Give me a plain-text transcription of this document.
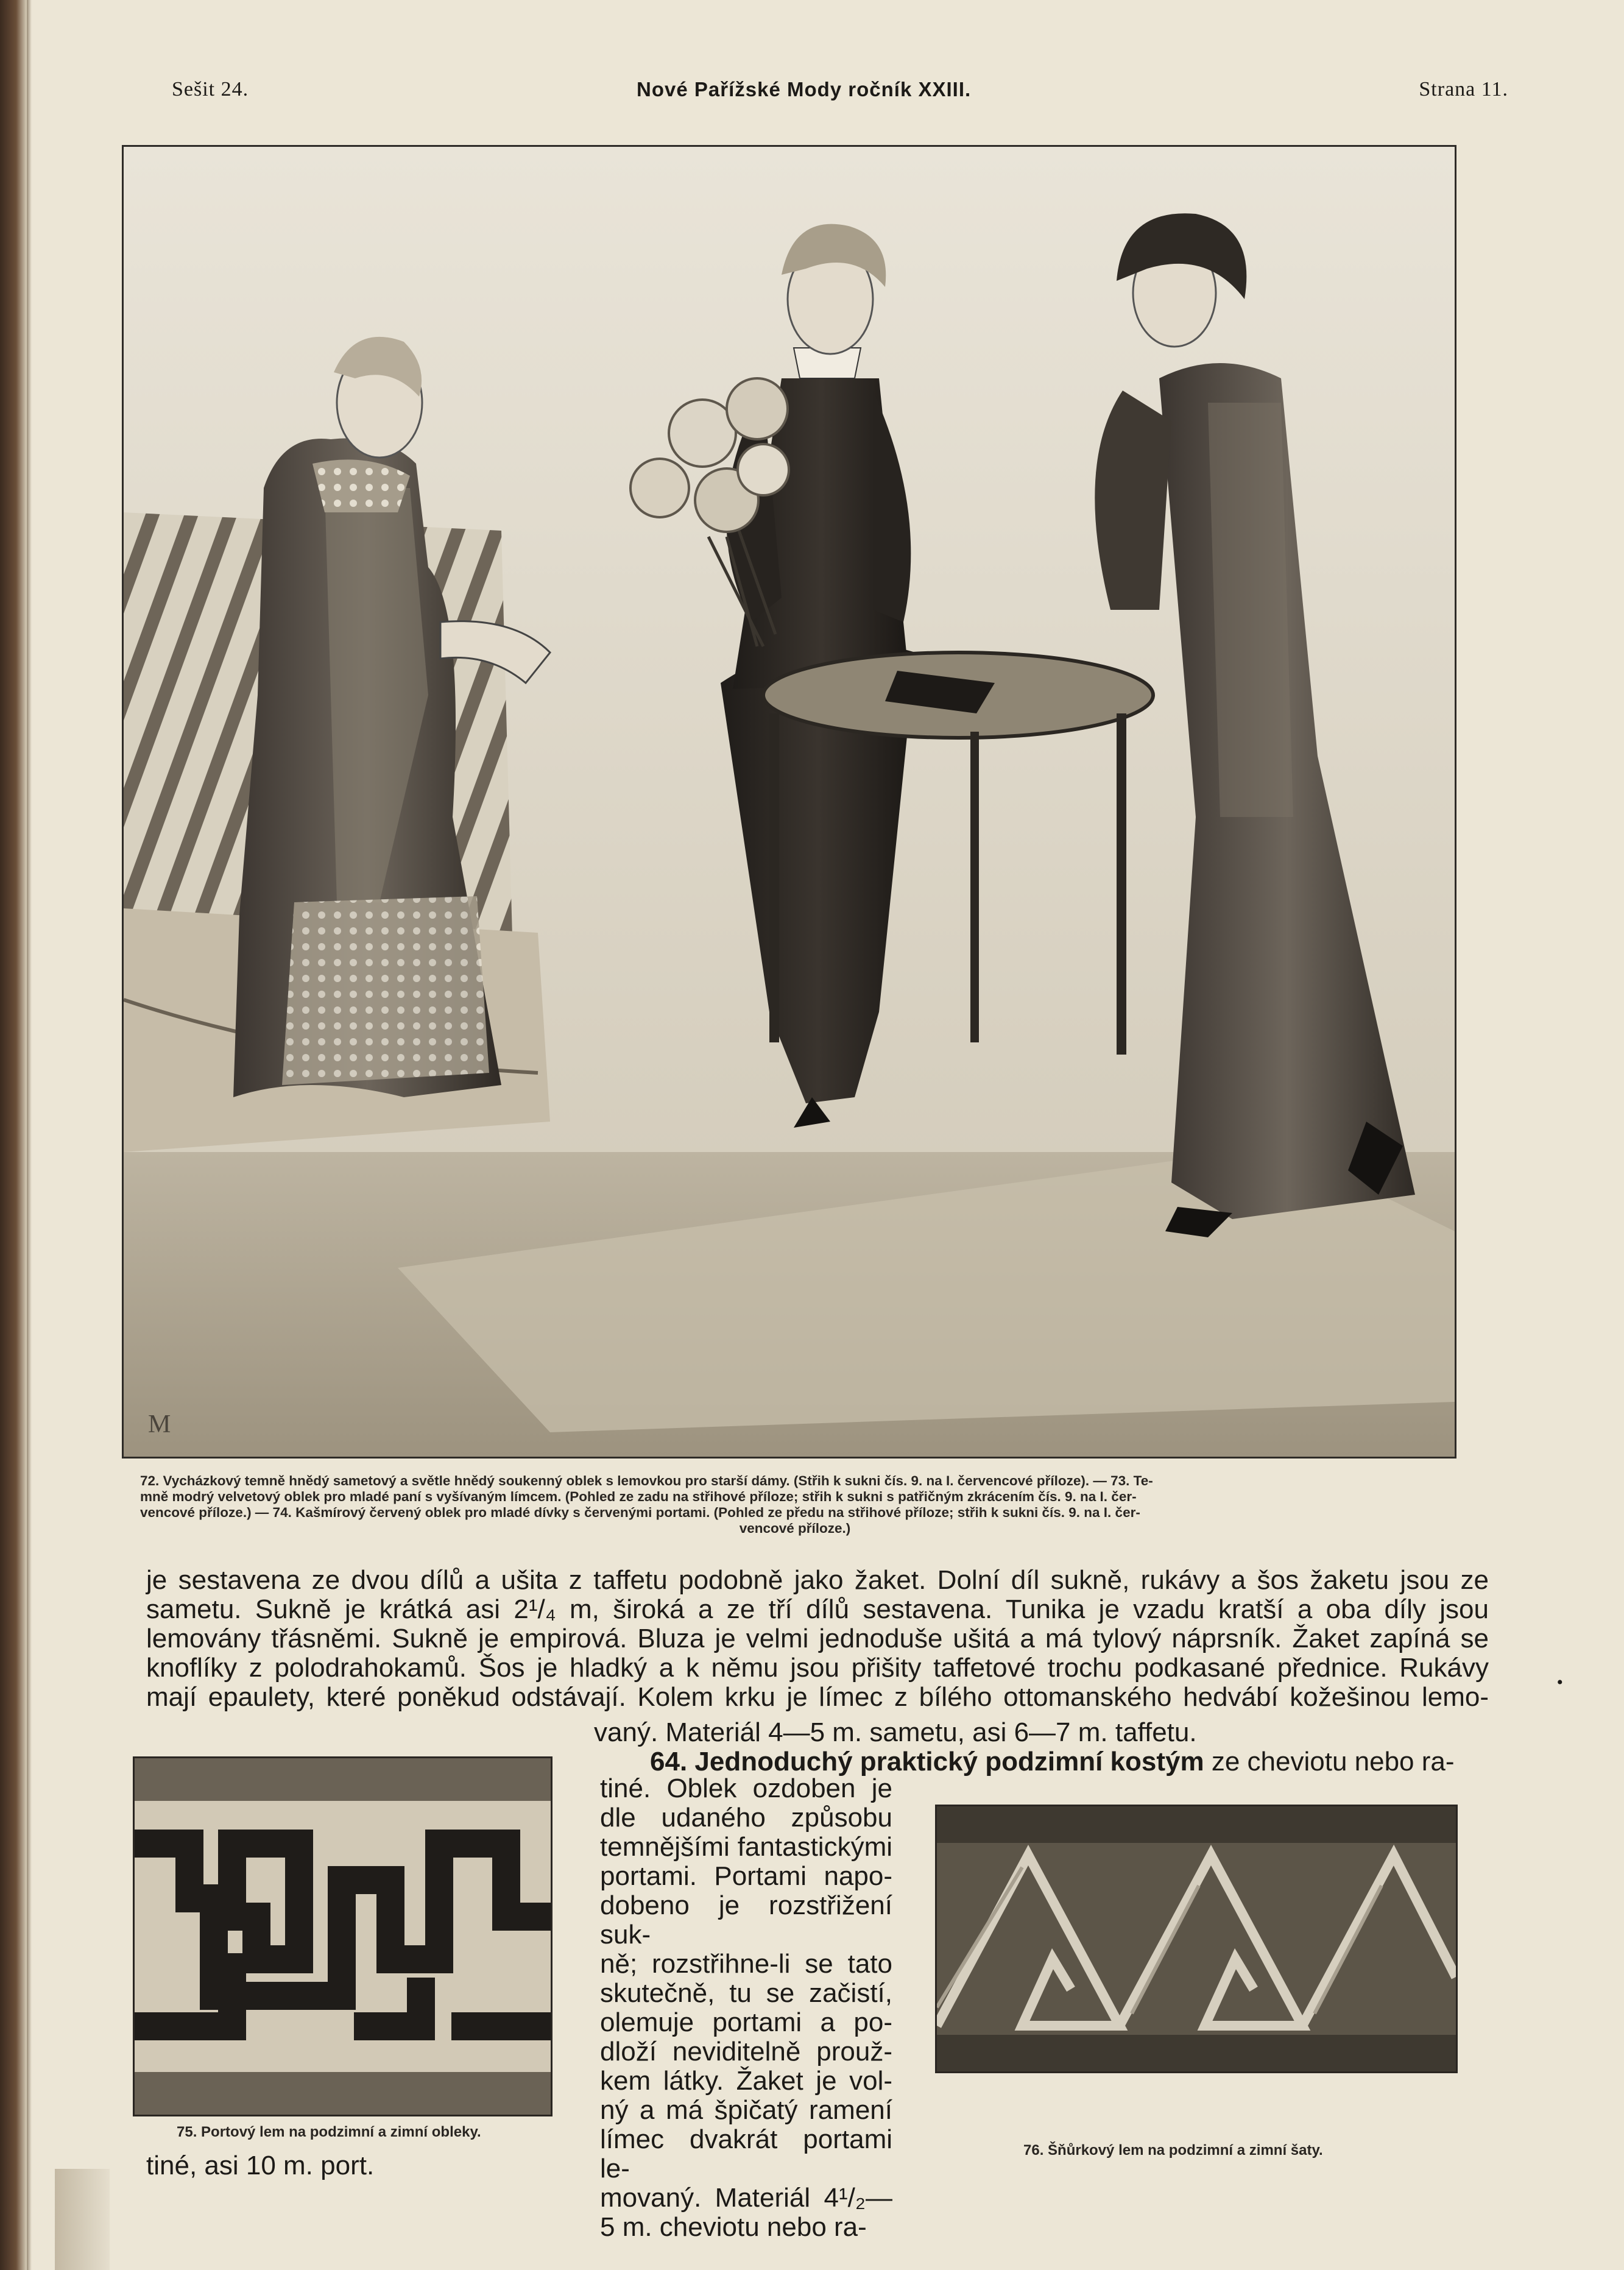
Sešit 24.	Nové Pařížské Mody ročník XXIII.	Strana 11.
M
72. Vycházkový temně hnědý sametový a světle hnědý soukenný oblek s lemovkou pro starší dámy. (Střih k sukni čís. 9. na I. červencové příloze). — 73. Te-
mně modrý velvetový oblek pro mladé paní s vyšívaným límcem. (Pohled ze zadu na střihové příloze; střih k sukni s patřičným zkrácením čís. 9. na I. čer-
vencové příloze.) — 74. Kašmírový červený oblek pro mladé dívky s červenými portami. (Pohled ze předu na střihové příloze; střih k sukni čís. 9. na I. čer-
vencové příloze.)
je sestavena ze dvou dílů a ušita z taffetu podobně jako žaket. Dolní díl sukně, rukávy a šos žaketu jsou ze
sametu. Sukně je krátká asi 2¹/₄ m, široká a ze tří dílů sestavena. Tunika je vzadu kratší a oba díly jsou
lemovány třásněmi. Sukně je empirová. Bluza je velmi jednoduše ušitá a má tylový náprsník. Žaket zapíná se
knoflíky z polodrahokamů. Šos je hladký a k němu jsou přišity taffetové trochu podkasané přednice. Rukávy
mají epaulety, které poněkud odstávají. Kolem krku je límec z bílého ottomanského hedvábí kožešinou lemo-
vaný. Materiál 4—5 m. sametu, asi 6—7 m. taffetu.
64. Jednoduchý praktický podzimní kostým ze cheviotu nebo ra-
tiné. Oblek ozdoben je
dle udaného způsobu
temnějšími fantastickými
portami. Portami napo-
dobeno je rozstřižení suk-
ně; rozstřihne-li se tato
skutečně, tu se začistí,
olemuje portami a po-
dloží neviditelně prouž-
kem látky. Žaket je vol-
ný a má špičatý ramení
límec dvakrát portami le-
movaný. Materiál 4¹/₂—
5 m. cheviotu nebo ra-
75. Portový lem na podzimní a zimní obleky.
76. Šňůrkový lem na podzimní a zimní šaty.
tiné, asi 10 m. port.
•
